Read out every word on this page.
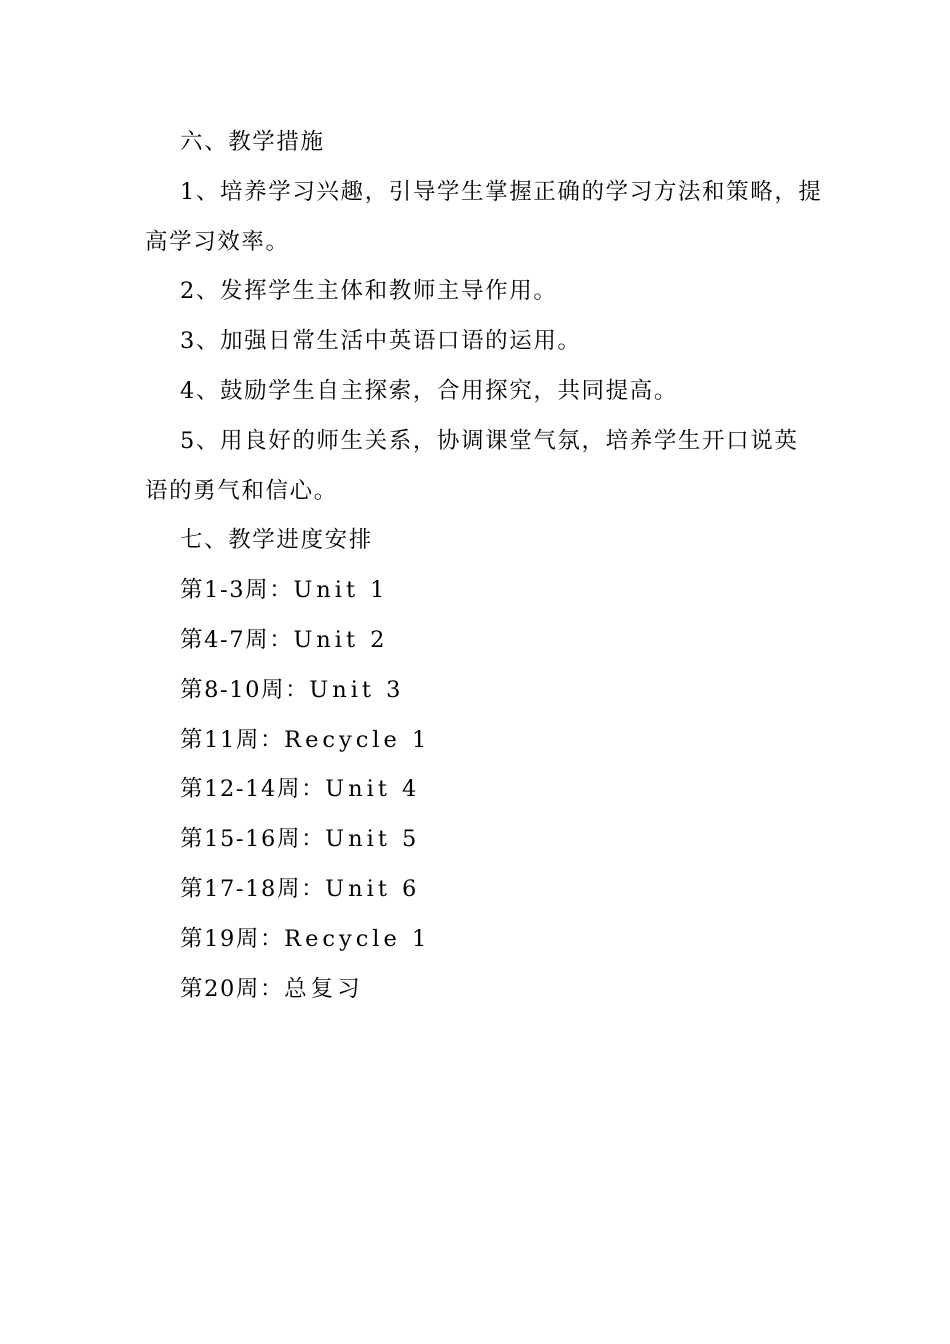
六、教学措施
1、培养学习兴趣，引导学生掌握正确的学习方法和策略，提高学习效率。
2、发挥学生主体和教师主导作用。
3、加强日常生活中英语口语的运用。
4、鼓励学生自主探索，合用探究，共同提高。
5、用良好的师生关系，协调课堂气氛，培养学生开口说英语的勇气和信心。
七、教学进度安排
第1-3周：Unit 1
第4-7周：Unit 2
第8-10周：Unit 3
第11周：Recycle 1
第12-14周：Unit 4
第15-16周：Unit 5
第17-18周：Unit 6
第19周：Recycle 1
第20周：总复习
